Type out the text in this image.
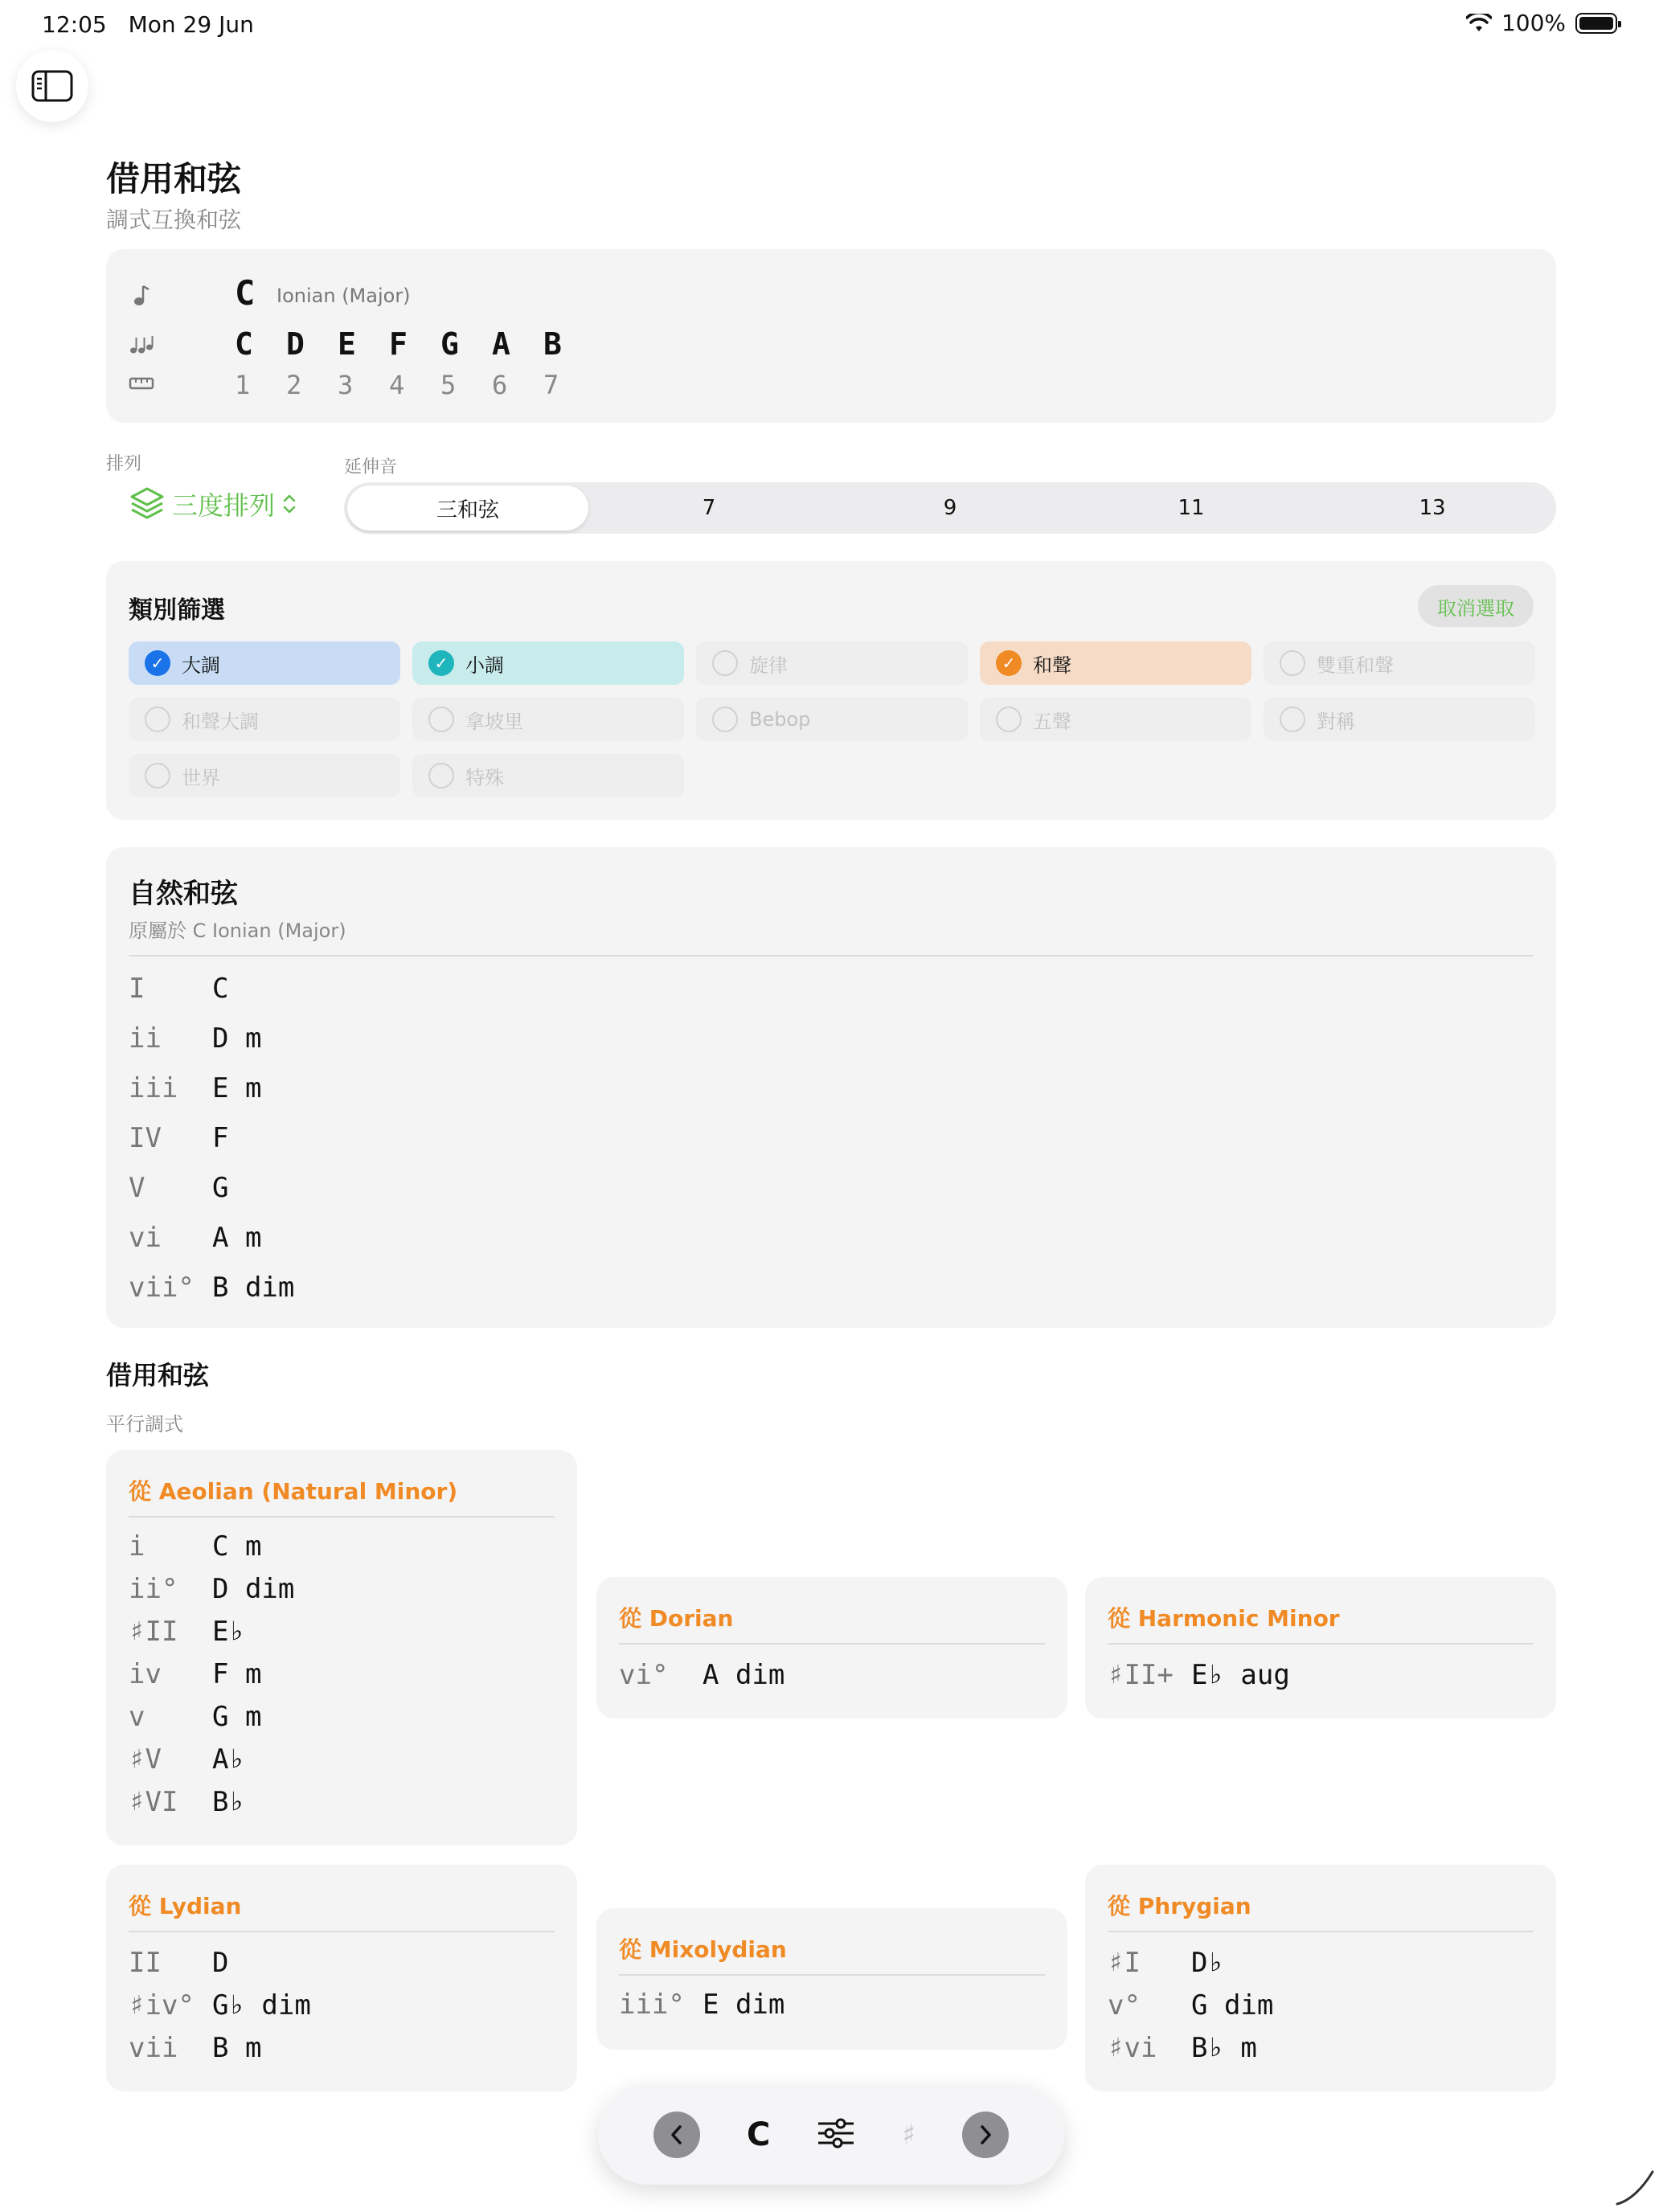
12:05 Mon 29 Jun	100%
借用和弦
調式互換和弦
C Ionian (Major)
C	D	E	F	G	A	B
1	2	3	4	5	6	7
排列	延伸音
三度排列	三和弦	7	9	11	13
類別篩選	取消選取
✓ 大調	✓ 小調	旋律	✓ 和聲	雙重和聲
和聲大調	拿坡里	Bebop	五聲	對稱
世界	特殊
自然和弦
原屬於 C Ionian (Major)
I	C
ii	D m
iii	E m
IV	F
V	G
vi	A m
vii° B dim
借用和弦
平行調式
從 Aeolian (Natural Minor)
i	C m
ii°	D dim
♯II	E♭
iv	F m
v	G m
♯V	A♭
♯VI	B♭
從 Dorian
vi°	A dim
從 Harmonic Minor
♯II+ E♭ aug
從 Lydian
II	D
♯iv° G♭ dim
vii	B m
從 Mixolydian
iii° E dim
從 Phrygian
♯I	D♭
v°	G dim
♯vi	B♭ m
C	♯
